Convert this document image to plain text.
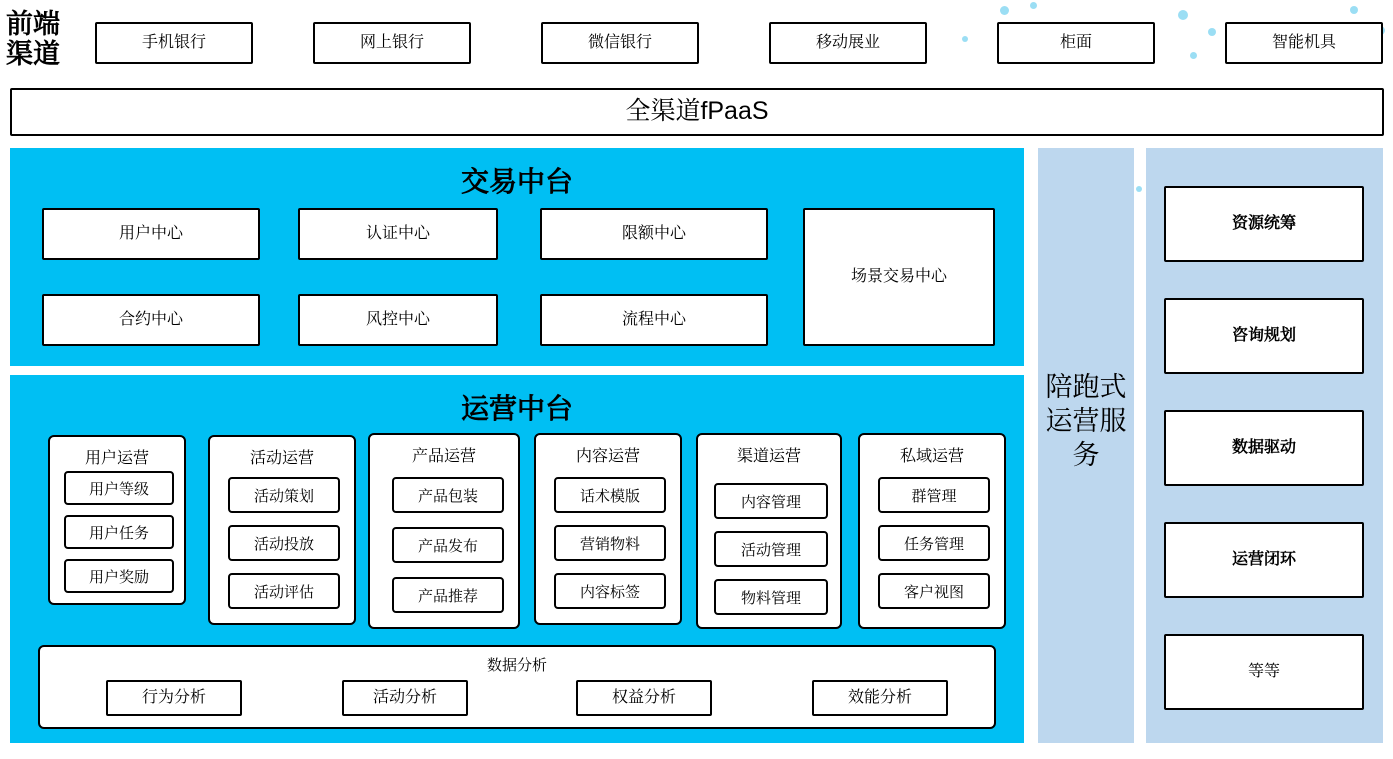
前端
渠道	手机银行	网上银行	微信银行	移动展业	柜面	智能机具
全渠道fPaaS
交易中台
用户中心	认证中心	限额中心
合约中心	风控中心	流程中心
场景交易中心
运营中台
用户运营
用户等级
用户任务
用户奖励
活动运营
活动策划
活动投放
活动评估
产品运营
产品包装
产品发布
产品推荐
内容运营
话术模版
营销物料
内容标签
渠道运营
内容管理
活动管理
物料管理
私域运营
群管理
任务管理
客户视图
数据分析
行为分析	活动分析	权益分析	效能分析
陪跑式运营服务
资源统筹
咨询规划
数据驱动
运营闭环
等等
